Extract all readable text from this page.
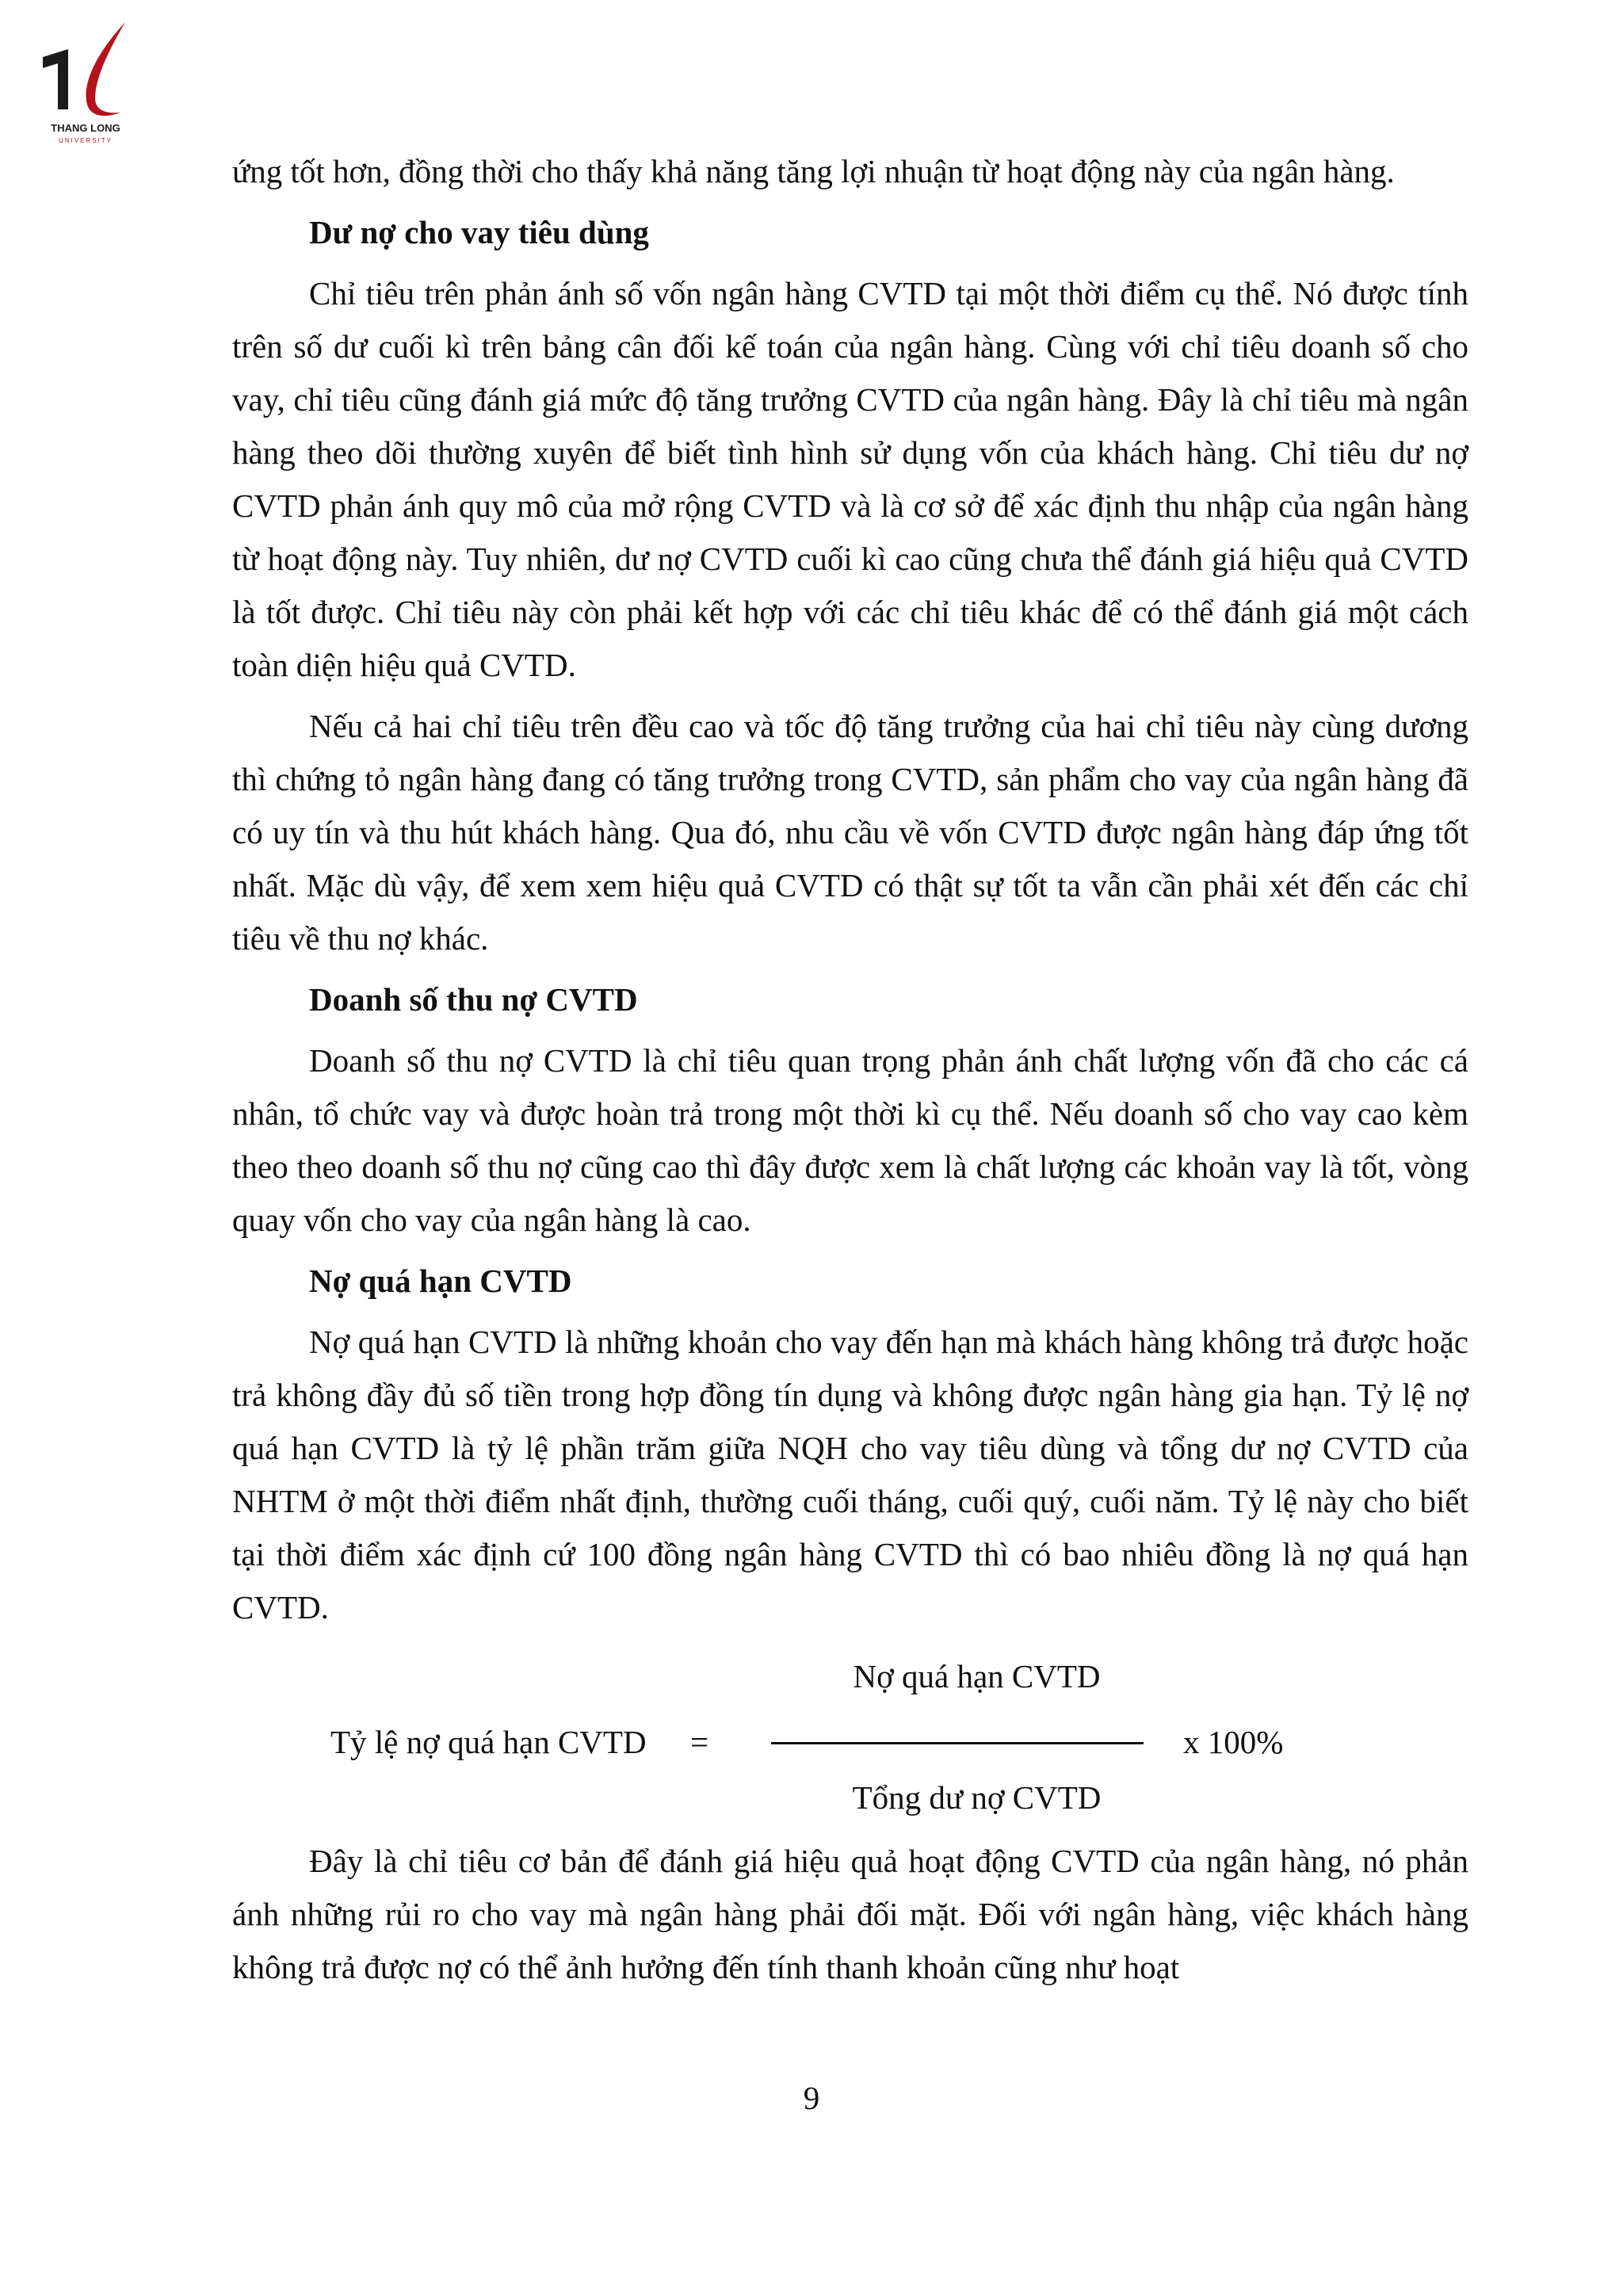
THANG LONG
UNIVERSITY

ứng tốt hơn, đồng thời cho thấy khả năng tăng lợi nhuận từ hoạt động này của ngân hàng.

Dư nợ cho vay tiêu dùng

Chỉ tiêu trên phản ánh số vốn ngân hàng CVTD tại một thời điểm cụ thể. Nó được tính trên số dư cuối kì trên bảng cân đối kế toán của ngân hàng. Cùng với chỉ tiêu doanh số cho vay, chỉ tiêu cũng đánh giá mức độ tăng trưởng CVTD của ngân hàng. Đây là chỉ tiêu mà ngân hàng theo dõi thường xuyên để biết tình hình sử dụng vốn của khách hàng. Chỉ tiêu dư nợ CVTD phản ánh quy mô của mở rộng CVTD và là cơ sở để xác định thu nhập của ngân hàng từ hoạt động này. Tuy nhiên, dư nợ CVTD cuối kì cao cũng chưa thể đánh giá hiệu quả CVTD là tốt được. Chỉ tiêu này còn phải kết hợp với các chỉ tiêu khác để có thể đánh giá một cách toàn diện hiệu quả CVTD.

Nếu cả hai chỉ tiêu trên đều cao và tốc độ tăng trưởng của hai chỉ tiêu này cùng dương thì chứng tỏ ngân hàng đang có tăng trưởng trong CVTD, sản phẩm cho vay của ngân hàng đã có uy tín và thu hút khách hàng. Qua đó, nhu cầu về vốn CVTD được ngân hàng đáp ứng tốt nhất. Mặc dù vậy, để xem xem hiệu quả CVTD có thật sự tốt ta vẫn cần phải xét đến các chỉ tiêu về thu nợ khác.

Doanh số thu nợ CVTD

Doanh số thu nợ CVTD là chỉ tiêu quan trọng phản ánh chất lượng vốn đã cho các cá nhân, tổ chức vay và được hoàn trả trong một thời kì cụ thể. Nếu doanh số cho vay cao kèm theo theo doanh số thu nợ cũng cao thì đây được xem là chất lượng các khoản vay là tốt, vòng quay vốn cho vay của ngân hàng là cao.

Nợ quá hạn CVTD

Nợ quá hạn CVTD là những khoản cho vay đến hạn mà khách hàng không trả được hoặc trả không đầy đủ số tiền trong hợp đồng tín dụng và không được ngân hàng gia hạn. Tỷ lệ nợ quá hạn CVTD là tỷ lệ phần trăm giữa NQH cho vay tiêu dùng và tổng dư nợ CVTD của NHTM ở một thời điểm nhất định, thường cuối tháng, cuối quý, cuối năm. Tỷ lệ này cho biết tại thời điểm xác định cứ 100 đồng ngân hàng CVTD thì có bao nhiêu đồng là nợ quá hạn CVTD.

Tỷ lệ nợ quá hạn CVTD =
Nợ quá hạn CVTD
Tổng dư nợ CVTD
x 100%

Đây là chỉ tiêu cơ bản để đánh giá hiệu quả hoạt động CVTD của ngân hàng, nó phản ánh những rủi ro cho vay mà ngân hàng phải đối mặt. Đối với ngân hàng, việc khách hàng không trả được nợ có thể ảnh hưởng đến tính thanh khoản cũng như hoạt

9
